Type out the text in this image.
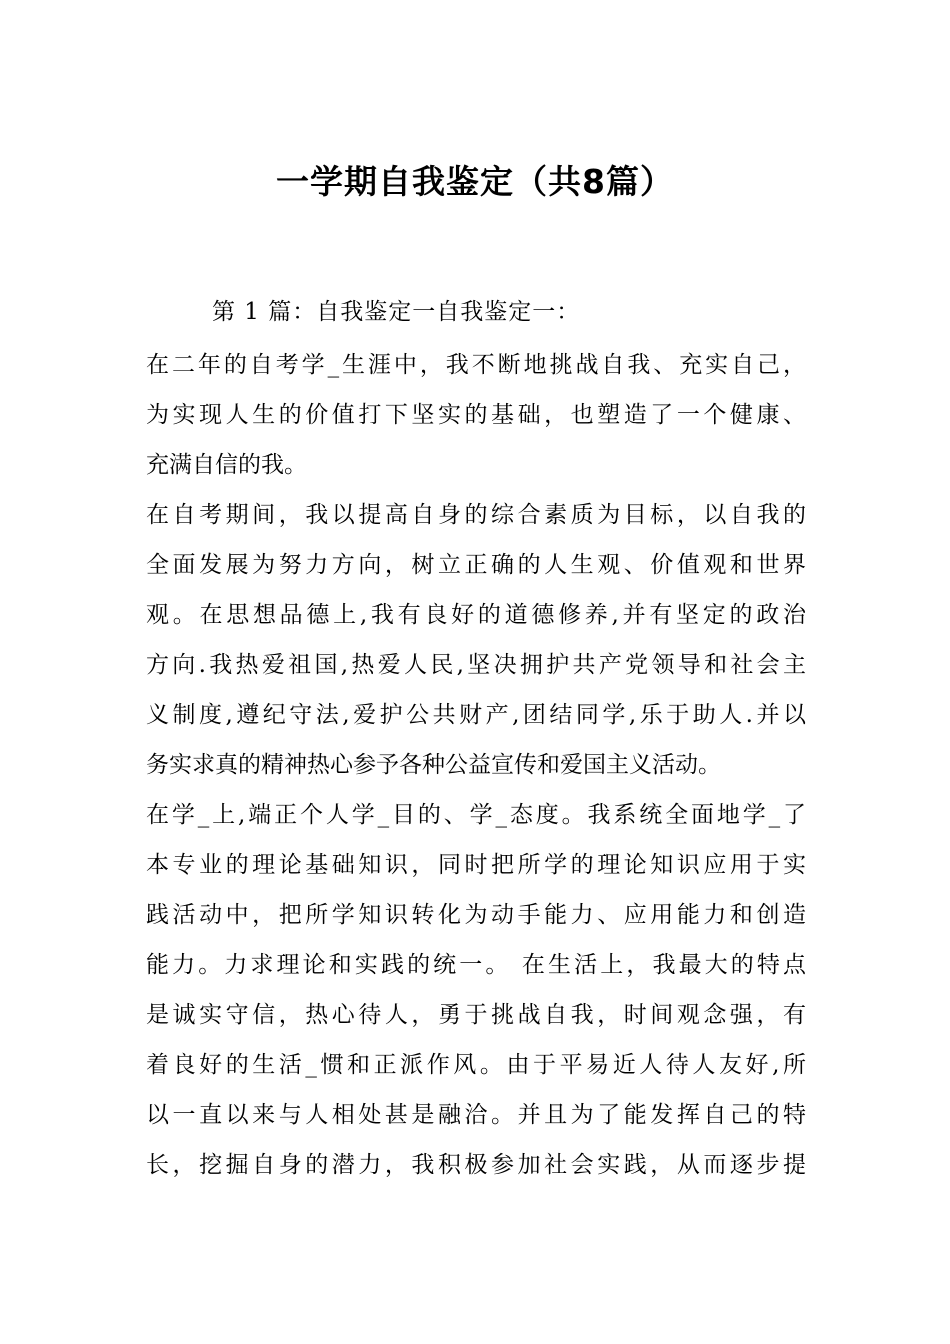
一学期自我鉴定（共8篇）
第 1 篇：自我鉴定一自我鉴定一：
在二年的自考学_生涯中，我不断地挑战自我、充实自己，
为实现人生的价值打下坚实的基础，也塑造了一个健康、
充满自信的我。
在自考期间，我以提高自身的综合素质为目标，以自我的
全面发展为努力方向，树立正确的人生观、价值观和世界
观。在思想品德上,我有良好的道德修养,并有坚定的政治
方向.我热爱祖国,热爱人民,坚决拥护共产党领导和社会主
义制度,遵纪守法,爱护公共财产,团结同学,乐于助人.并以
务实求真的精神热心参予各种公益宣传和爱国主义活动。
在学_上,端正个人学_目的、学_态度。我系统全面地学_了
本专业的理论基础知识，同时把所学的理论知识应用于实
践活动中，把所学知识转化为动手能力、应用能力和创造
能力。力求理论和实践的统一。 在生活上，我最大的特点
是诚实守信，热心待人，勇于挑战自我，时间观念强，有
着良好的生活_惯和正派作风。由于平易近人待人友好,所
以一直以来与人相处甚是融洽。并且为了能发挥自己的特
长，挖掘自身的潜力，我积极参加社会实践，从而逐步提
